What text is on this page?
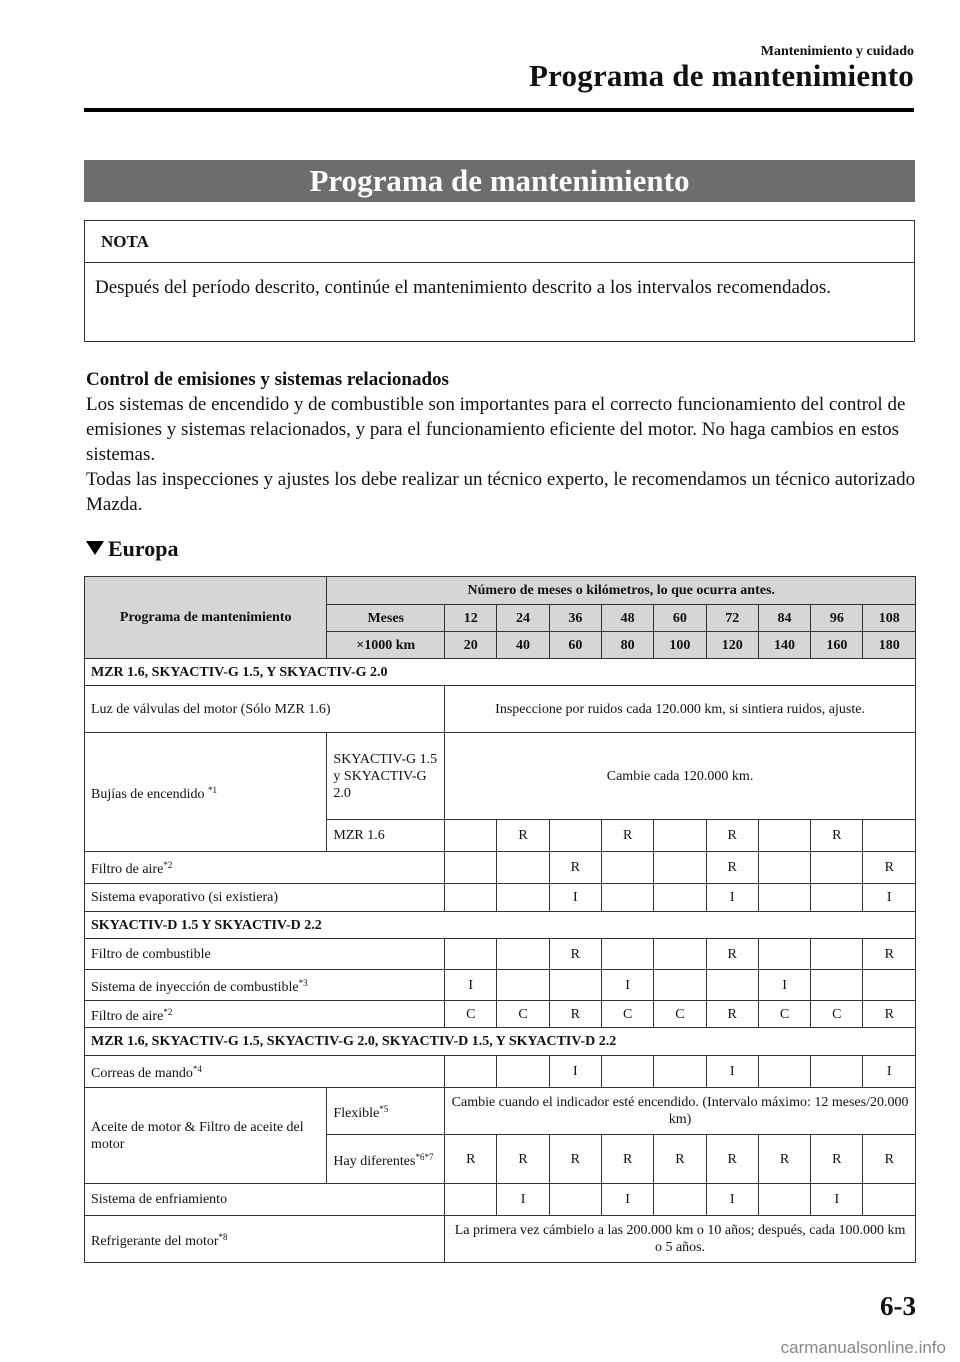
Mantenimiento y cuidado
Programa de mantenimiento
Programa de mantenimiento
NOTA
Después del período descrito, continúe el mantenimiento descrito a los intervalos recomendados.
Control de emisiones y sistemas relacionados

Los sistemas de encendido y de combustible son importantes para el correcto funcionamiento del control de emisiones y sistemas relacionados, y para el funcionamiento eficiente del motor. No haga cambios en estos sistemas.

Todas las inspecciones y ajustes los debe realizar un técnico experto, le recomendamos un técnico autorizado Mazda.

Europa
Programa de mantenimiento	Número de meses o kilómetros, lo que ocurra antes.									
	Meses	12	24	36	48	60	72	84	96	108
	×1000 km	20	40	60	80	100	120	140	160	180
MZR 1.6, SKYACTIV-G 1.5, Y SKYACTIV-G 2.0										
Luz de válvulas del motor (Sólo MZR 1.6)		Inspeccione por ruidos cada 120.000 km, si sintiera ruidos, ajuste.								
Bujías de encendido $^{*1}$	SKYACTIV-G 1.5 y SKYACTIV-G 2.0	Cambie cada 120.000 km.								
	MZR 1.6		R		R		R		R	
Filtro de aire$^{*2}$				R			R			R
Sistema evaporativo (si existiera)				I			I			I
SKYACTIV-D 1.5 Y SKYACTIV-D 2.2										
Filtro de combustible				R			R			R
Sistema de inyección de combustible$^{*3}$		I			I			I		
Filtro de aire$^{*2}$		C	C	R	C	C	R	C	C	R
MZR 1.6, SKYACTIV-G 1.5, SKYACTIV-G 2.0, SKYACTIV-D 1.5, Y SKYACTIV-D 2.2										
Correas de mando$^{*4}$				I			I			I
Aceite de motor & Filtro de aceite del motor	Flexible$^{*5}$	Cambie cuando el indicador esté encendido. (Intervalo máximo: 12 meses/20.000 km)								
	Hay diferentes$^{*6*7}$	R	R	R	R	R	R	R	R	R
Sistema de enfriamiento			I		I		I		I	
Refrigerante del motor$^{*8}$		La primera vez cámbielo a las 200.000 km o 10 años; después, cada 100.000 km o 5 años.								
6-3
carmanualsonline.info
